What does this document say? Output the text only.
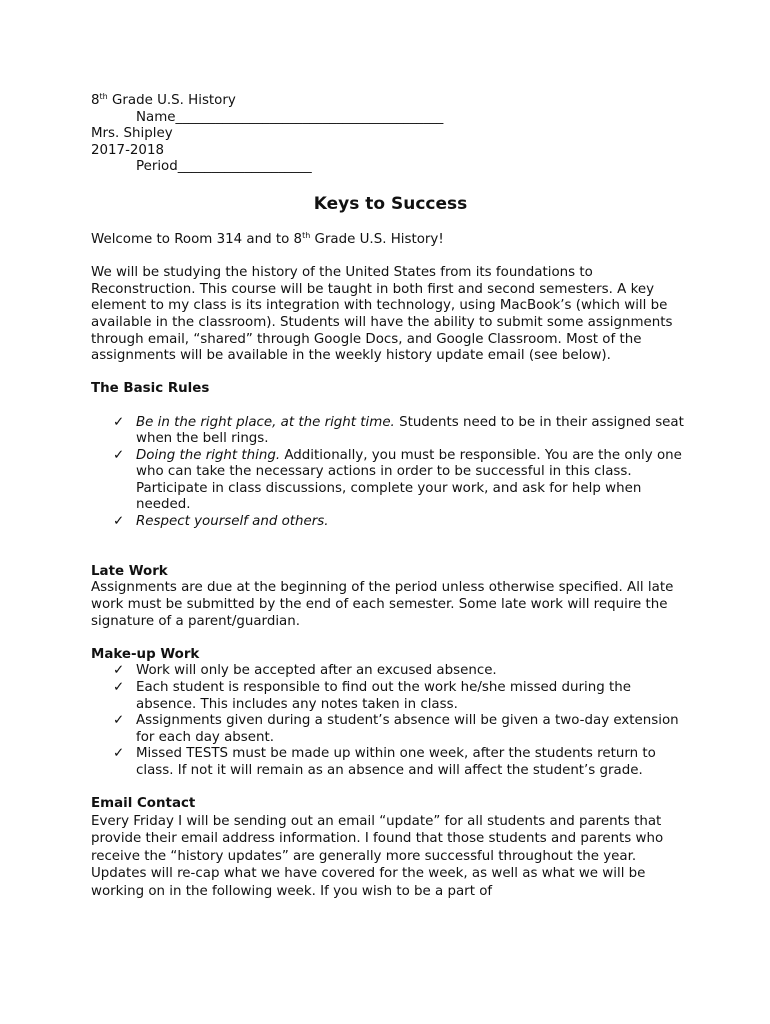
8th Grade U.S. History
Name________________________________________
Mrs. Shipley
2017-2018
Period____________________
Keys to Success

Welcome to Room 314 and to 8th Grade U.S. History!

We will be studying the history of the United States from its foundations to Reconstruction. This course will be taught in both first and second semesters. A key element to my class is its integration with technology, using MacBook’s (which will be available in the classroom). Students will have the ability to submit some assignments through email, “shared” through Google Docs, and Google Classroom. Most of the assignments will be available in the weekly history update email (see below).

The Basic Rules
✓ Be in the right place, at the right time. Students need to be in their assigned seat when the bell rings.
✓ Doing the right thing. Additionally, you must be responsible. You are the only one who can take the necessary actions in order to be successful in this class. Participate in class discussions, complete your work, and ask for help when needed.
✓ Respect yourself and others.
Late Work

Assignments are due at the beginning of the period unless otherwise specified. All late work must be submitted by the end of each semester. Some late work will require the signature of a parent/guardian.

Make-up Work
✓ Work will only be accepted after an excused absence.
✓ Each student is responsible to find out the work he/she missed during the absence. This includes any notes taken in class.
✓ Assignments given during a student’s absence will be given a two-day extension for each day absent.
✓ Missed TESTS must be made up within one week, after the students return to class. If not it will remain as an absence and will affect the student’s grade.
Email Contact

Every Friday I will be sending out an email “update” for all students and parents that provide their email address information. I found that those students and parents who receive the “history updates” are generally more successful throughout the year. Updates will re-cap what we have covered for the week, as well as what we will be working on in the following week. If you wish to be a part of
